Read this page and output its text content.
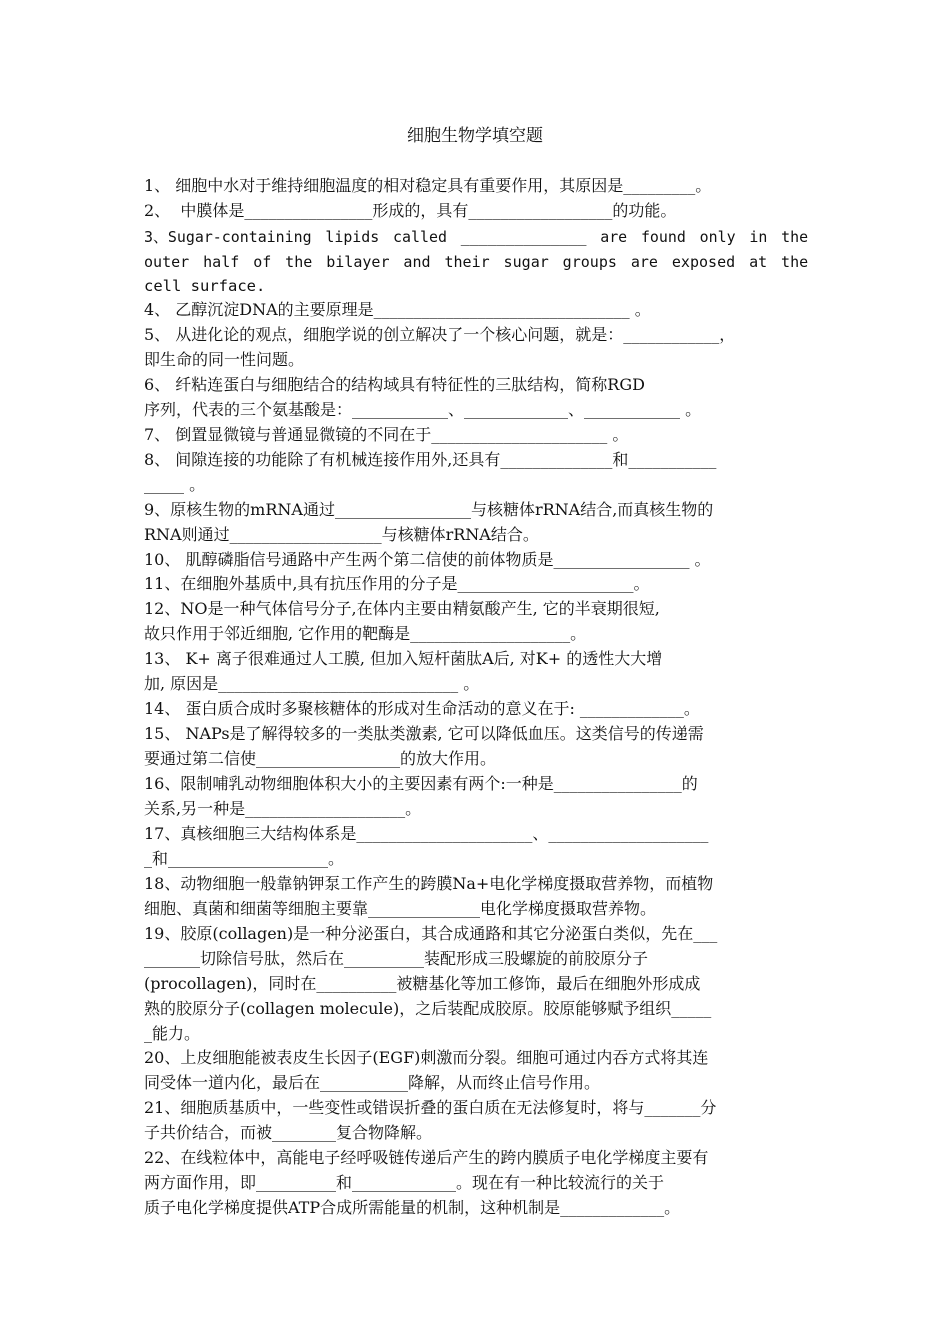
细胞生物学填空题
1、 细胞中水对于维持细胞温度的相对稳定具有重要作用，其原因是_________。
2、  中膜体是________________形成的，具有__________________的功能。
3、Sugar-containing lipids called ______________ are found only in the
outer half of the bilayer and their sugar groups are exposed at the
cell surface.
4、 乙醇沉淀DNA的主要原理是________________________________ 。
5、 从进化论的观点，细胞学说的创立解决了一个核心问题，就是：____________，
即生命的同一性问题。
6、 纤粘连蛋白与细胞结合的结构域具有特征性的三肽结构，简称RGD
序列，代表的三个氨基酸是：____________、_____________、____________ 。
7、 倒置显微镜与普通显微镜的不同在于______________________ 。
8、 间隙连接的功能除了有机械连接作用外,还具有______________和___________
_____ 。
9、原核生物的mRNA通过_________________与核糖体rRNA结合,而真核生物的
RNA则通过___________________与核糖体rRNA结合。
10、 肌醇磷脂信号通路中产生两个第二信使的前体物质是_________________ 。
11、在细胞外基质中,具有抗压作用的分子是______________________。
12、NO是一种气体信号分子,在体内主要由精氨酸产生, 它的半衰期很短,
故只作用于邻近细胞, 它作用的靶酶是____________________。
13、 K+ 离子很难通过人工膜, 但加入短杆菌肽A后, 对K+ 的透性大大增
加, 原因是______________________________ 。
14、 蛋白质合成时多聚核糖体的形成对生命活动的意义在于: _____________。
15、 NAPs是了解得较多的一类肽类激素, 它可以降低血压。这类信号的传递需
要通过第二信使__________________的放大作用。
16、限制哺乳动物细胞体积大小的主要因素有两个:一种是________________的
关系,另一种是____________________。
17、真核细胞三大结构体系是______________________、____________________
_和____________________。
18、动物细胞一般靠钠钾泵工作产生的跨膜Na+电化学梯度摄取营养物，而植物
细胞、真菌和细菌等细胞主要靠______________电化学梯度摄取营养物。
19、胶原(collagen)是一种分泌蛋白，其合成通路和其它分泌蛋白类似，先在___
_______切除信号肽，然后在__________装配形成三股螺旋的前胶原分子
(procollagen)，同时在__________被糖基化等加工修饰，最后在细胞外形成成
熟的胶原分子(collagen molecule)，之后装配成胶原。胶原能够赋予组织_____
_能力。
20、上皮细胞能被表皮生长因子(EGF)刺激而分裂。细胞可通过内吞方式将其连
同受体一道内化，最后在___________降解，从而终止信号作用。
21、细胞质基质中，一些变性或错误折叠的蛋白质在无法修复时，将与_______分
子共价结合，而被________复合物降解。
22、在线粒体中，高能电子经呼吸链传递后产生的跨内膜质子电化学梯度主要有
两方面作用，即__________和_____________。现在有一种比较流行的关于
质子电化学梯度提供ATP合成所需能量的机制，这种机制是_____________。
